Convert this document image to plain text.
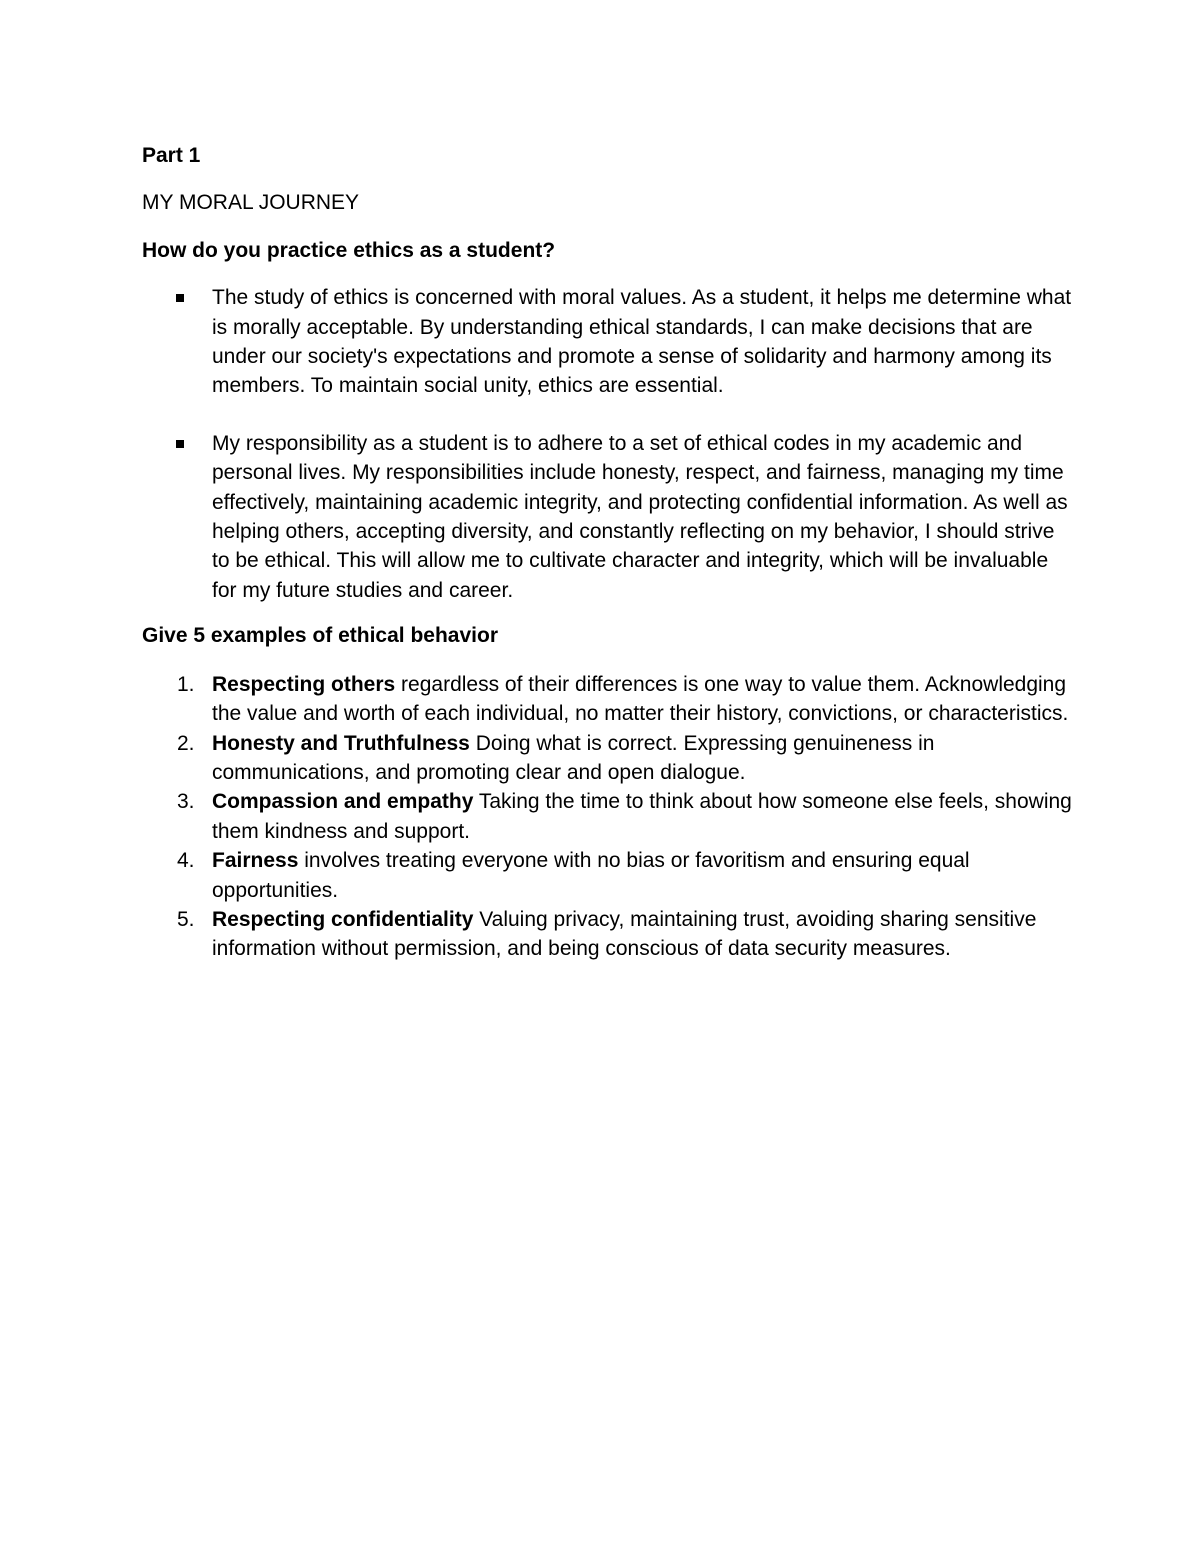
Part 1
MY MORAL JOURNEY
How do you practice ethics as a student?
The study of ethics is concerned with moral values. As a student, it helps me determine what is morally acceptable. By understanding ethical standards, I can make decisions that are under our society's expectations and promote a sense of solidarity and harmony among its members. To maintain social unity, ethics are essential.
My responsibility as a student is to adhere to a set of ethical codes in my academic and personal lives. My responsibilities include honesty, respect, and fairness, managing my time effectively, maintaining academic integrity, and protecting confidential information. As well as helping others, accepting diversity, and constantly reflecting on my behavior, I should strive to be ethical. This will allow me to cultivate character and integrity, which will be invaluable for my future studies and career.
Give 5 examples of ethical behavior
1. Respecting others regardless of their differences is one way to value them. Acknowledging the value and worth of each individual, no matter their history, convictions, or characteristics.
2. Honesty and Truthfulness Doing what is correct. Expressing genuineness in communications, and promoting clear and open dialogue.
3. Compassion and empathy Taking the time to think about how someone else feels, showing them kindness and support.
4. Fairness involves treating everyone with no bias or favoritism and ensuring equal opportunities.
5. Respecting confidentiality Valuing privacy, maintaining trust, avoiding sharing sensitive information without permission, and being conscious of data security measures.
